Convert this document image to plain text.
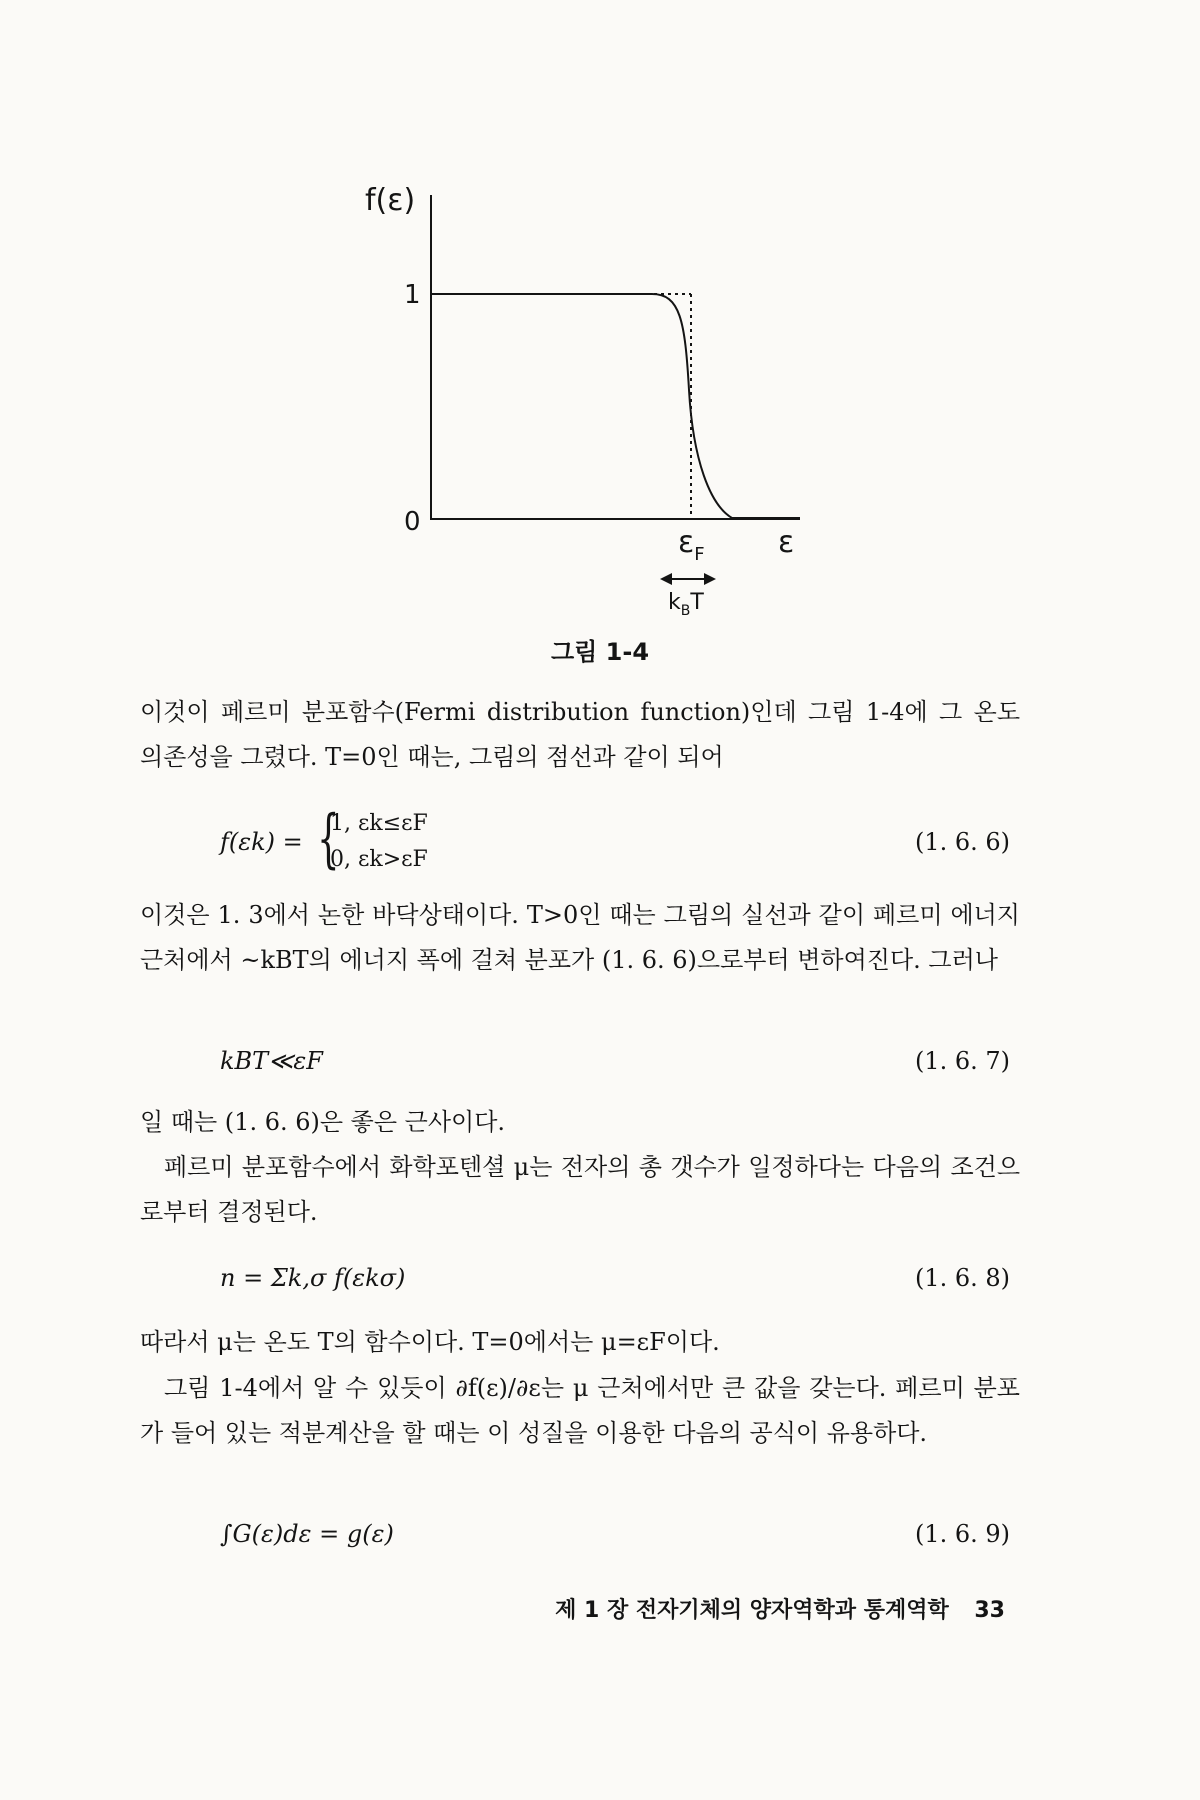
f(ε)
1
0
$\varepsilon_F$ ε
$k_BT$
그림 1-4

이것이 페르미 분포함수(Fermi distribution function)인데 그림 1-4에 그 온도 의존성을 그렸다. T=0인 때는, 그림의 점선과 같이 되어

f(εk) = {
1, εk≤εF
0, εk>εF
(1. 6. 6)

이것은 1. 3에서 논한 바닥상태이다. T>0인 때는 그림의 실선과 같이 페르미 에너지 근처에서 ~kBT의 에너지 폭에 걸쳐 분포가 (1. 6. 6)으로부터 변하여진다. 그러나

kBT≪εF	(1. 6. 7)

일 때는 (1. 6. 6)은 좋은 근사이다.

페르미 분포함수에서 화학포텐셜 μ는 전자의 총 갯수가 일정하다는 다음의 조건으로부터 결정된다.

n = Σk,σ f(εkσ)	(1. 6. 8)

따라서 μ는 온도 T의 함수이다. T=0에서는 μ=εF이다.

그림 1-4에서 알 수 있듯이 ∂f(ε)/∂ε는 μ 근처에서만 큰 값을 갖는다. 페르미 분포가 들어 있는 적분계산을 할 때는 이 성질을 이용한 다음의 공식이 유용하다.

∫G(ε)dε = g(ε)	(1. 6. 9)
제 1 장 전자기체의 양자역학과 통계역학 33
